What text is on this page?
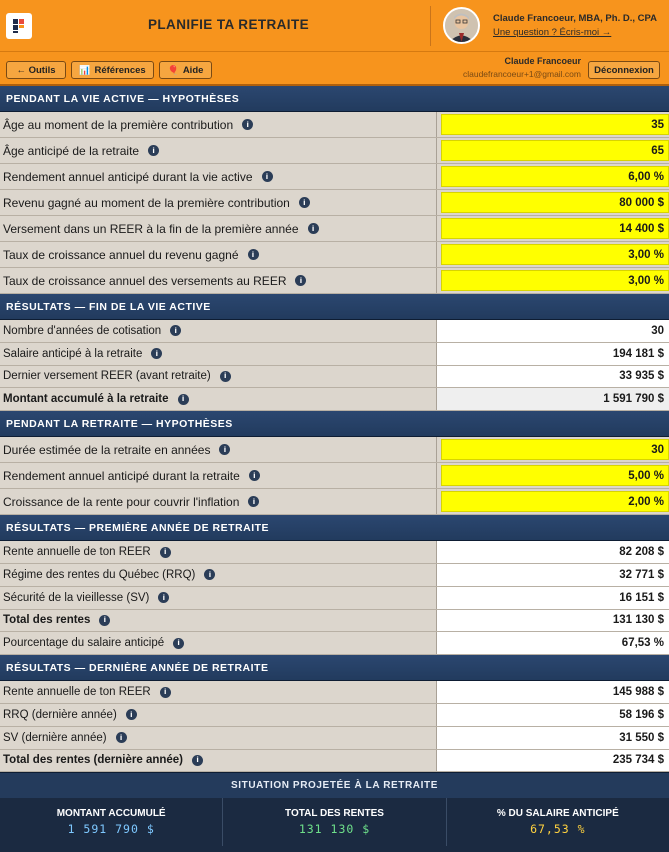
PLANIFIE TA RETRAITE	Claude Francoeur, MBA, Ph. D., CPA
Une question ? Écris-moi →
← Outils	📊 Références 🎈 Aide
Claude Francoeur
claudefrancoeur+1@gmail.com	Déconnexion
PENDANT LA VIE ACTIVE — HYPOTHÈSES
Âge au moment de la première contribution	i	35
Âge anticipé de la retraite	i	65
Rendement annuel anticipé durant la vie active	i	6,00 %
Revenu gagné au moment de la première contribution	i	80 000 $
Versement dans un REER à la fin de la première année	i	14 400 $
Taux de croissance annuel du revenu gagné	i	3,00 %
Taux de croissance annuel des versements au REER	i	3,00 %
RÉSULTATS — FIN DE LA VIE ACTIVE
Nombre d'années de cotisation	i	30
Salaire anticipé à la retraite	i	194 181 $
Dernier versement REER (avant retraite)	i	33 935 $
Montant accumulé à la retraite	i	1 591 790 $
PENDANT LA RETRAITE — HYPOTHÈSES
Durée estimée de la retraite en années	i	30
Rendement annuel anticipé durant la retraite	i	5,00 %
Croissance de la rente pour couvrir l'inflation	i	2,00 %
RÉSULTATS — PREMIÈRE ANNÉE DE RETRAITE
Rente annuelle de ton REER	i	82 208 $
Régime des rentes du Québec (RRQ)	i	32 771 $
Sécurité de la vieillesse (SV)	i	16 151 $
Total des rentes	i	131 130 $
Pourcentage du salaire anticipé	i	67,53 %
RÉSULTATS — DERNIÈRE ANNÉE DE RETRAITE
Rente annuelle de ton REER	i	145 988 $
RRQ (dernière année)	i	58 196 $
SV (dernière année)	i	31 550 $
Total des rentes (dernière année)	i	235 734 $
SITUATION PROJETÉE À LA RETRAITE
MONTANT ACCUMULÉ
1 591 790 $
TOTAL DES RENTES
131 130 $
% DU SALAIRE ANTICIPÉ
67,53 %
